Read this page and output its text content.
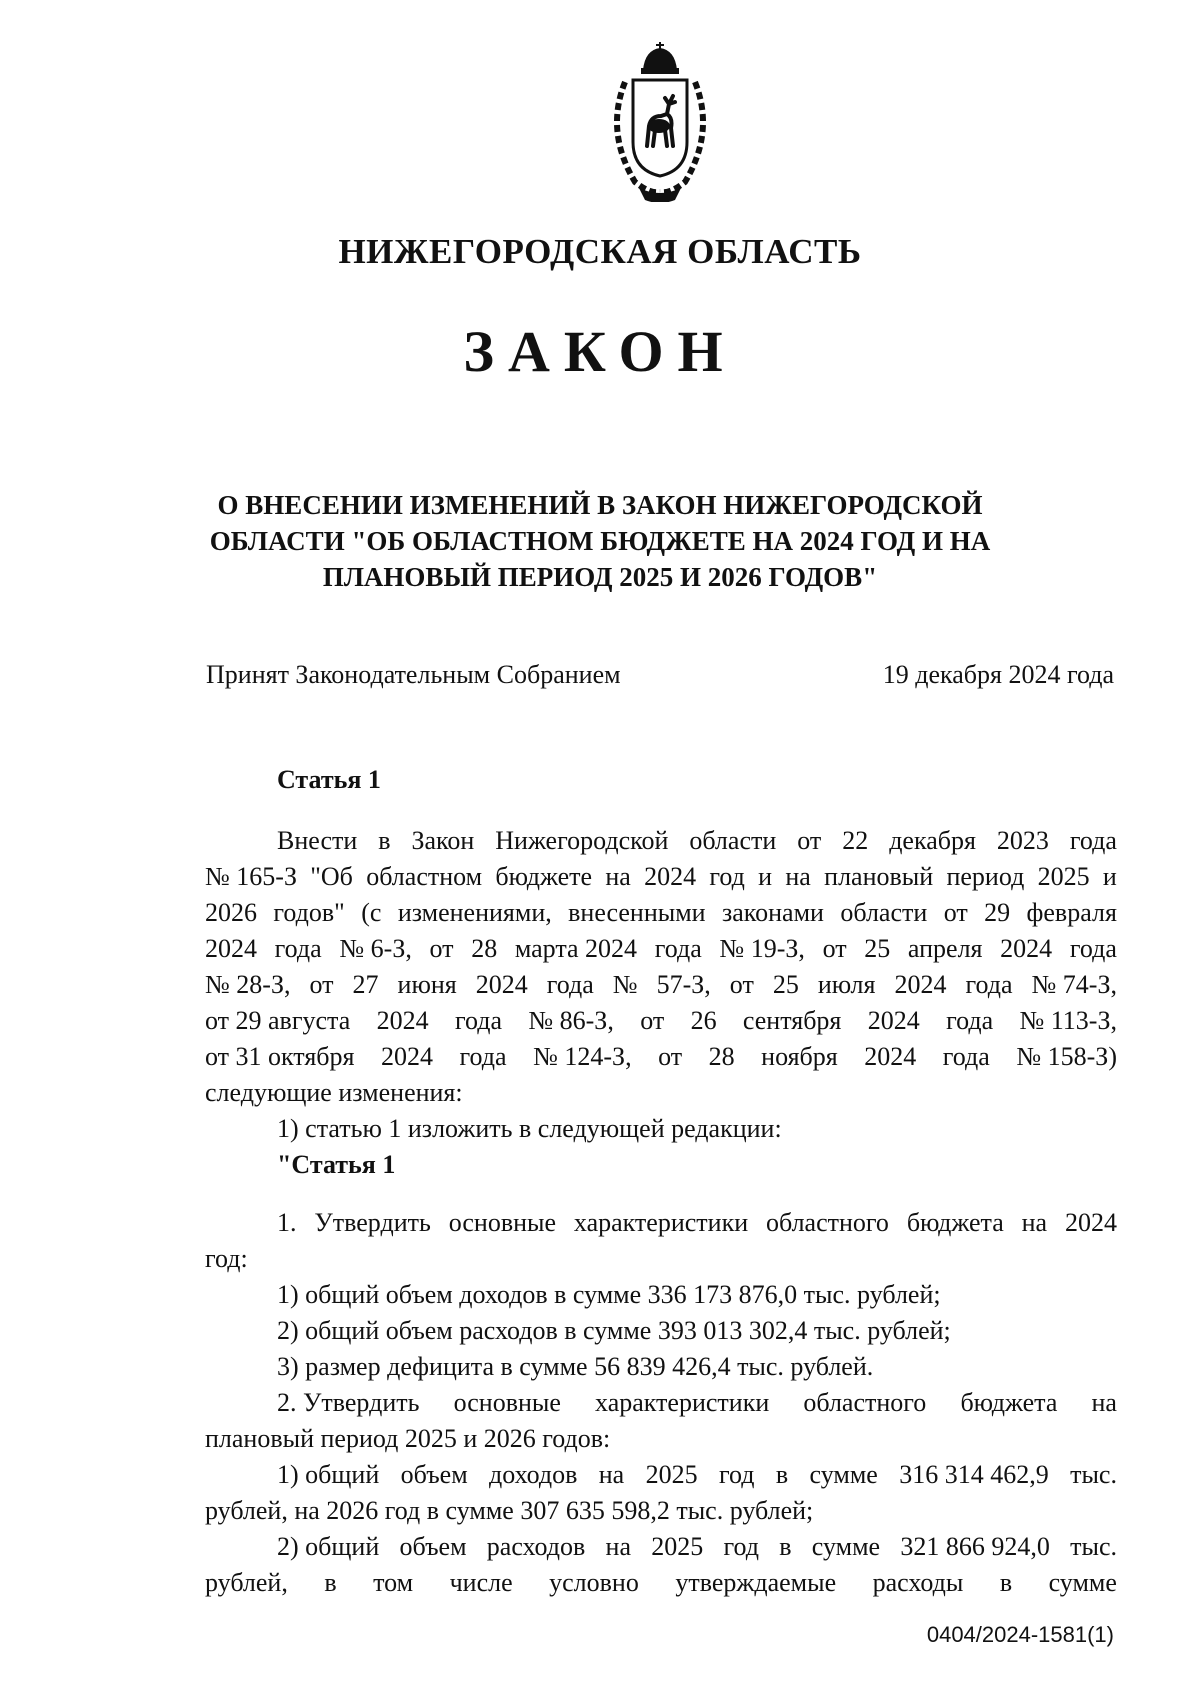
НИЖЕГОРОДСКАЯ ОБЛАСТЬ
ЗАКОН
О ВНЕСЕНИИ ИЗМЕНЕНИЙ В ЗАКОН НИЖЕГОРОДСКОЙ
ОБЛАСТИ "ОБ ОБЛАСТНОМ БЮДЖЕТЕ НА 2024 ГОД И НА
ПЛАНОВЫЙ ПЕРИОД 2025 И 2026 ГОДОВ"
Принят Законодательным Собранием	19 декабря 2024 года
Статья 1
Внести в Закон Нижегородской области от 22 декабря 2023 года
№ 165-З "Об областном бюджете на 2024 год и на плановый период 2025 и
2026 годов" (с изменениями, внесенными законами области от 29 февраля
2024 года № 6-З, от 28 марта 2024 года № 19-З, от 25 апреля 2024 года
№ 28-З, от 27 июня 2024 года № 57-З, от 25 июля 2024 года № 74-З,
от 29 августа 2024 года № 86-З, от 26 сентября 2024 года № 113-З,
от 31 октября 2024 года № 124-З, от 28 ноября 2024 года № 158-З)
следующие изменения:
1) статью 1 изложить в следующей редакции:
"Статья 1
1. Утвердить основные характеристики областного бюджета на 2024
год:
1) общий объем доходов в сумме 336 173 876,0 тыс. рублей;
2) общий объем расходов в сумме 393 013 302,4 тыс. рублей;
3) размер дефицита в сумме 56 839 426,4 тыс. рублей.
2. Утвердить основные характеристики областного бюджета на
плановый период 2025 и 2026 годов:
1) общий объем доходов на 2025 год в сумме 316 314 462,9 тыс.
рублей, на 2026 год в сумме 307 635 598,2 тыс. рублей;
2) общий объем расходов на 2025 год в сумме 321 866 924,0 тыс.
рублей, в том числе условно утверждаемые расходы в сумме
0404/2024-1581(1)
